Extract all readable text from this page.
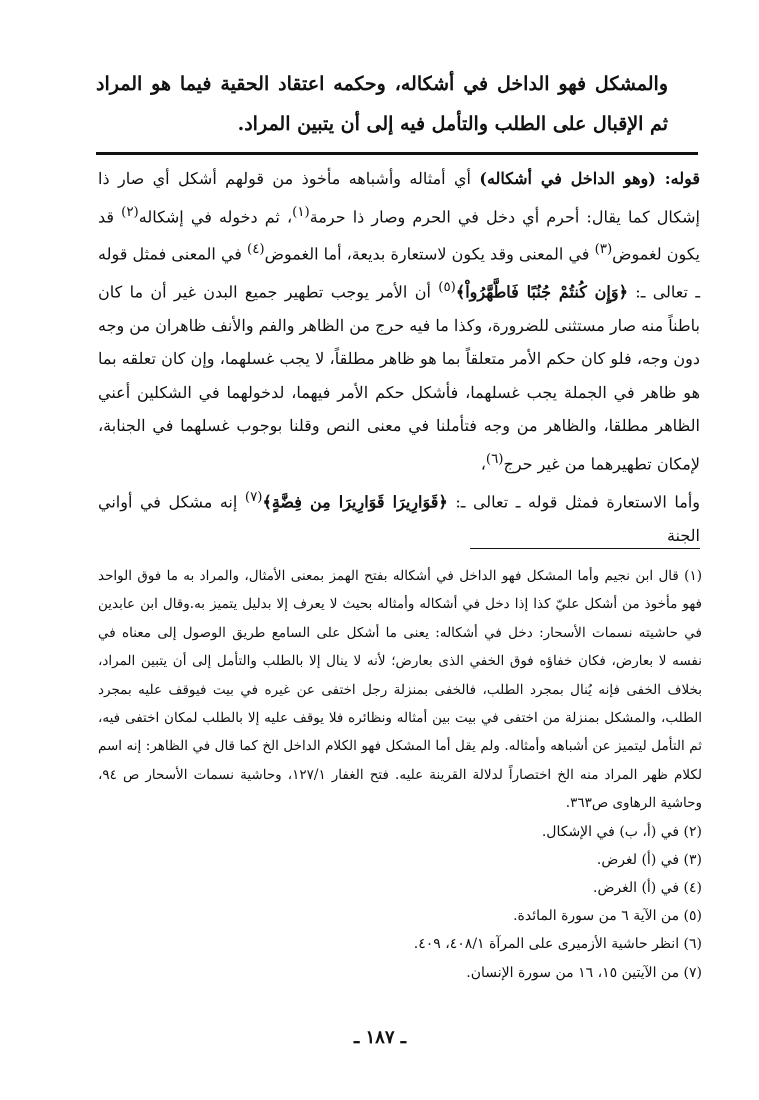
والمشكل فهو الداخل في أشكاله، وحكمه اعتقاد الحقية فيما هو المراد ثم الإقبال على الطلب والتأمل فيه إلى أن يتبين المراد.

قوله: (وهو الداخل في أشكاله) أي أمثاله وأشباهه مأخوذ من قولهم أشكل أي صار ذا إشكال كما يقال: أحرم أي دخل في الحرم وصار ذا حرمة$^{(١)}$، ثم دخوله في إشكاله$^{(٢)}$ قد يكون لغموض$^{(٣)}$ في المعنى وقد يكون لاستعارة بديعة، أما الغموض$^{(٤)}$ في المعنى فمثل قوله ـ تعالى ـ: ﴿وَإِن كُنتُمْ جُنُبًا فَاطَّهَّرُواْ﴾$^{(٥)}$ أن الأمر يوجب تطهير جميع البدن غير أن ما كان باطناً منه صار مستثنى للضرورة، وكذا ما فيه حرج من الظاهر والفم والأنف ظاهران من وجه دون وجه، فلو كان حكم الأمر متعلقاً بما هو ظاهر مطلقاً، لا يجب غسلهما، وإن كان تعلقه بما هو ظاهر في الجملة يجب غسلهما، فأشكل حكم الأمر فيهما، لدخولهما في الشكلين أعني الظاهر مطلقا، والظاهر من وجه فتأملنا في معنى النص وقلنا بوجوب غسلهما في الجنابة، لإمكان تطهيرهما من غير حرج$^{(٦)}$،

وأما الاستعارة فمثل قوله ـ تعالى ـ: ﴿قَوَارِيرَا قَوَارِيرَا مِن فِضَّةٍ﴾$^{(٧)}$ إنه مشكل في أواني الجنة

(١) قال ابن نجيم وأما المشكل فهو الداخل في أشكاله بفتح الهمز بمعنى الأمثال، والمراد به ما فوق الواحد فهو مأخوذ من أشكل عليّ كذا إذا دخل في أشكاله وأمثاله بحيث لا يعرف إلا بدليل يتميز به.وقال ابن عابدين في حاشيته نسمات الأسحار: دخل في أشكاله: يعنى ما أشكل على السامع طريق الوصول إلى معناه في نفسه لا بعارض، فكان خفاؤه فوق الخفي الذى بعارض؛ لأنه لا ينال إلا بالطلب والتأمل إلى أن يتبين المراد، بخلاف الخفى فإنه يُنال بمجرد الطلب، فالخفى بمنزلة رجل اختفى عن غيره في بيت فيوقف عليه بمجرد الطلب، والمشكل بمنزلة من اختفى في بيت بين أمثاله ونظائره فلا يوقف عليه إلا بالطلب لمكان اختفى فيه، ثم التأمل ليتميز عن أشباهه وأمثاله. ولم يقل أما المشكل فهو الكلام الداخل الخ كما قال في الظاهر: إنه اسم لكلام ظهر المراد منه الخ اختصاراً لدلالة القرينة عليه. فتح الغفار ١٢٧/١، وحاشية نسمات الأسحار ص ٩٤، وحاشية الرهاوى ص٣٦٣.

(٢) في (أ، ب) في الإشكال.

(٣) في (أ) لغرض.

(٤) في (أ) الغرض.

(٥) من الآية ٦ من سورة المائدة.

(٦) انظر حاشية الأزميرى على المرآة ٤٠٨/١، ٤٠٩.

(٧) من الآيتين ١٥، ١٦ من سورة الإنسان.

ـ ١٨٧ ـ
